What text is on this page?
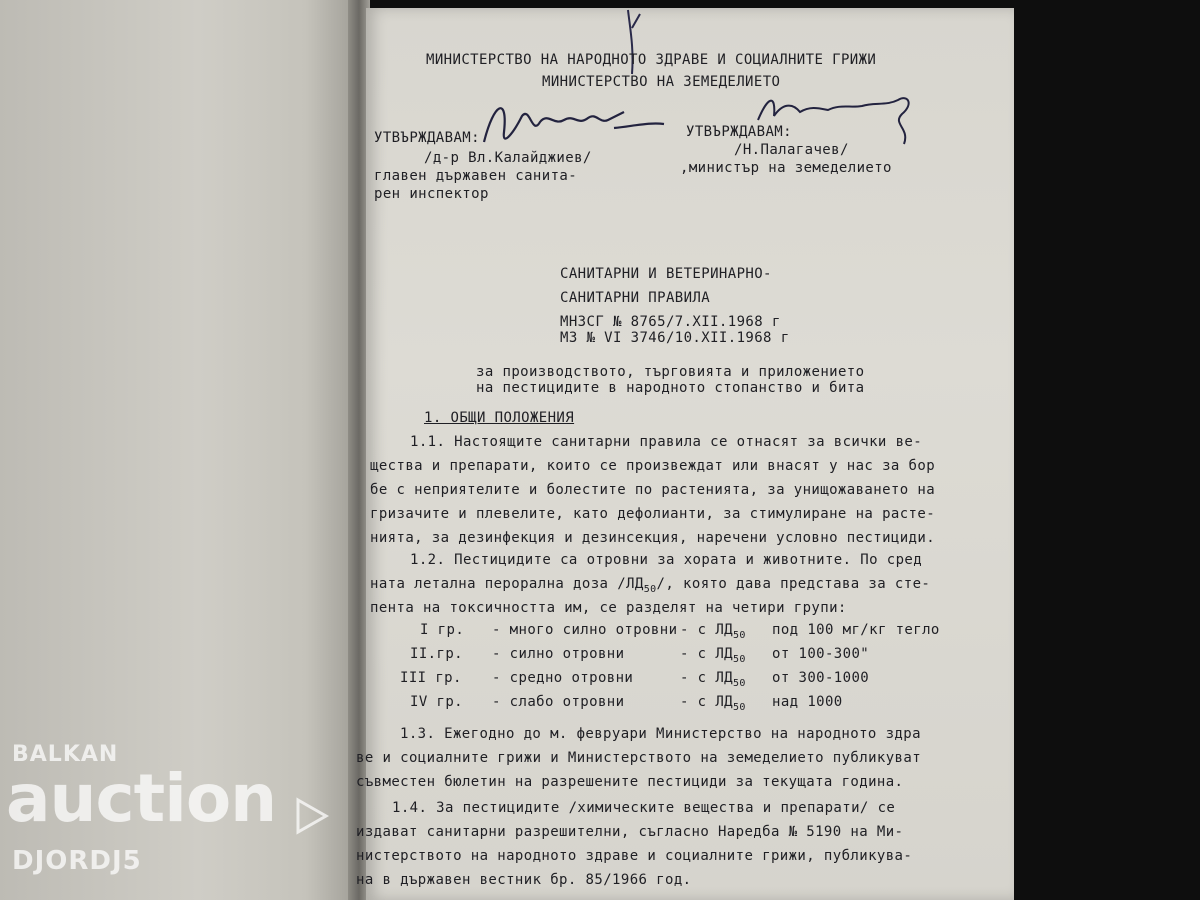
МИНИСТЕРСТВО НА НАРОДНОТО ЗДРАВЕ И СОЦИАЛНИТЕ ГРИЖИ
МИНИСТЕРСТВО НА ЗЕМЕДЕЛИЕТО
УТВЪРЖДАВАМ:
/д-р Вл.Калайджиев/
главен държавен санита-
рен инспектор
УТВЪРЖДАВАМ:
/Н.Палагачев/
,министър на земеделието
САНИТАРНИ И ВЕТЕРИНАРНО-
САНИТАРНИ ПРАВИЛА
МНЗСГ № 8765/7.XII.1968 г
МЗ № VI 3746/10.XII.1968 г
за производството, търговията и приложението
на пестицидите в народното стопанство и бита
1. ОБЩИ ПОЛОЖЕНИЯ
1.1. Настоящите санитарни правила се отнасят за всички ве-
щества и препарати, които се произвеждат или внасят у нас за бор
бе с неприятелите и болестите по растенията, за унищожаването на
гризачите и плевелите, като дефолианти, за стимулиране на расте-
нията, за дезинфекция и дезинсекция, наречени условно пестициди.
1.2. Пестицидите са отровни за хората и животните. По сред
ната летална перорална доза $/ЛД_{50}/$, която дава представа за сте-
пента на токсичността им, се разделят на четири групи:
I гр. - много силно отровни - с $ЛД_{50}$ под 100 мг/кг тегло
II.гр. - силно отровни	- с $ЛД_{50}$ от 100-300"
III гр. - средно отровни	- с $ЛД_{50}$ от 300-1000
IV гр. - слабо отровни	- с $ЛД_{50}$ над 1000
1.3. Ежегодно до м. февруари Министерство на народното здра
ве и социалните грижи и Министерството на земеделието публикуват
съвместен бюлетин на разрешените пестициди за текущата година.
1.4. За пестицидите /химическите вещества и препарати/ се
издават санитарни разрешителни, съгласно Наредба № 5190 на Ми-
нистерството на народното здраве и социалните грижи, публикува-
на в държавен вестник бр. 85/1966 год.
BALKAN
auction
DJORDJ5
